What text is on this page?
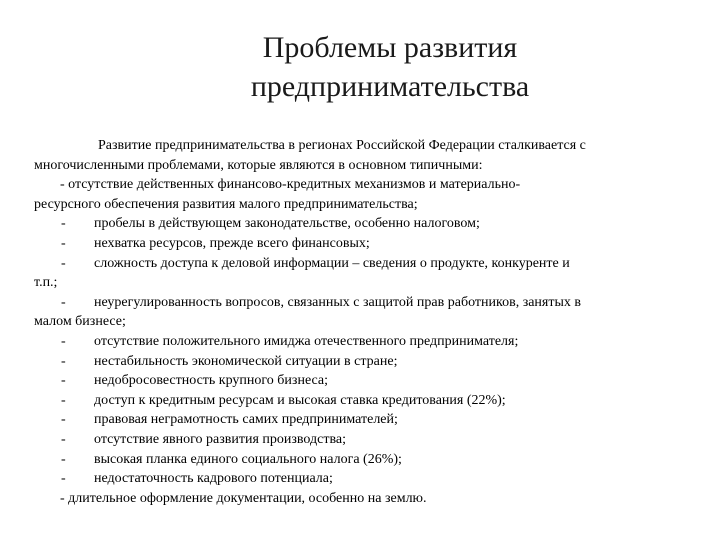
Проблемы развития
предпринимательства
Развитие предпринимательства в регионах Российской Федерации сталкивается с
многочисленными проблемами, которые являются в основном типичными:
- отсутствие действенных финансово-кредитных механизмов и материально-
ресурсного обеспечения развития малого предпринимательства;
- пробелы в действующем законодательстве, особенно налоговом;
- нехватка ресурсов, прежде всего финансовых;
- сложность доступа к деловой информации – сведения о продукте, конкуренте и
т.п.;
- неурегулированность вопросов, связанных с защитой прав работников, занятых в
малом бизнесе;
- отсутствие положительного имиджа отечественного предпринимателя;
- нестабильность экономической ситуации в стране;
- недобросовестность крупного бизнеса;
- доступ к кредитным ресурсам и высокая ставка кредитования (22%);
- правовая неграмотность самих предпринимателей;
- отсутствие явного развития производства;
- высокая планка единого социального налога (26%);
- недостаточность кадрового потенциала;
- длительное оформление документации, особенно на землю.
